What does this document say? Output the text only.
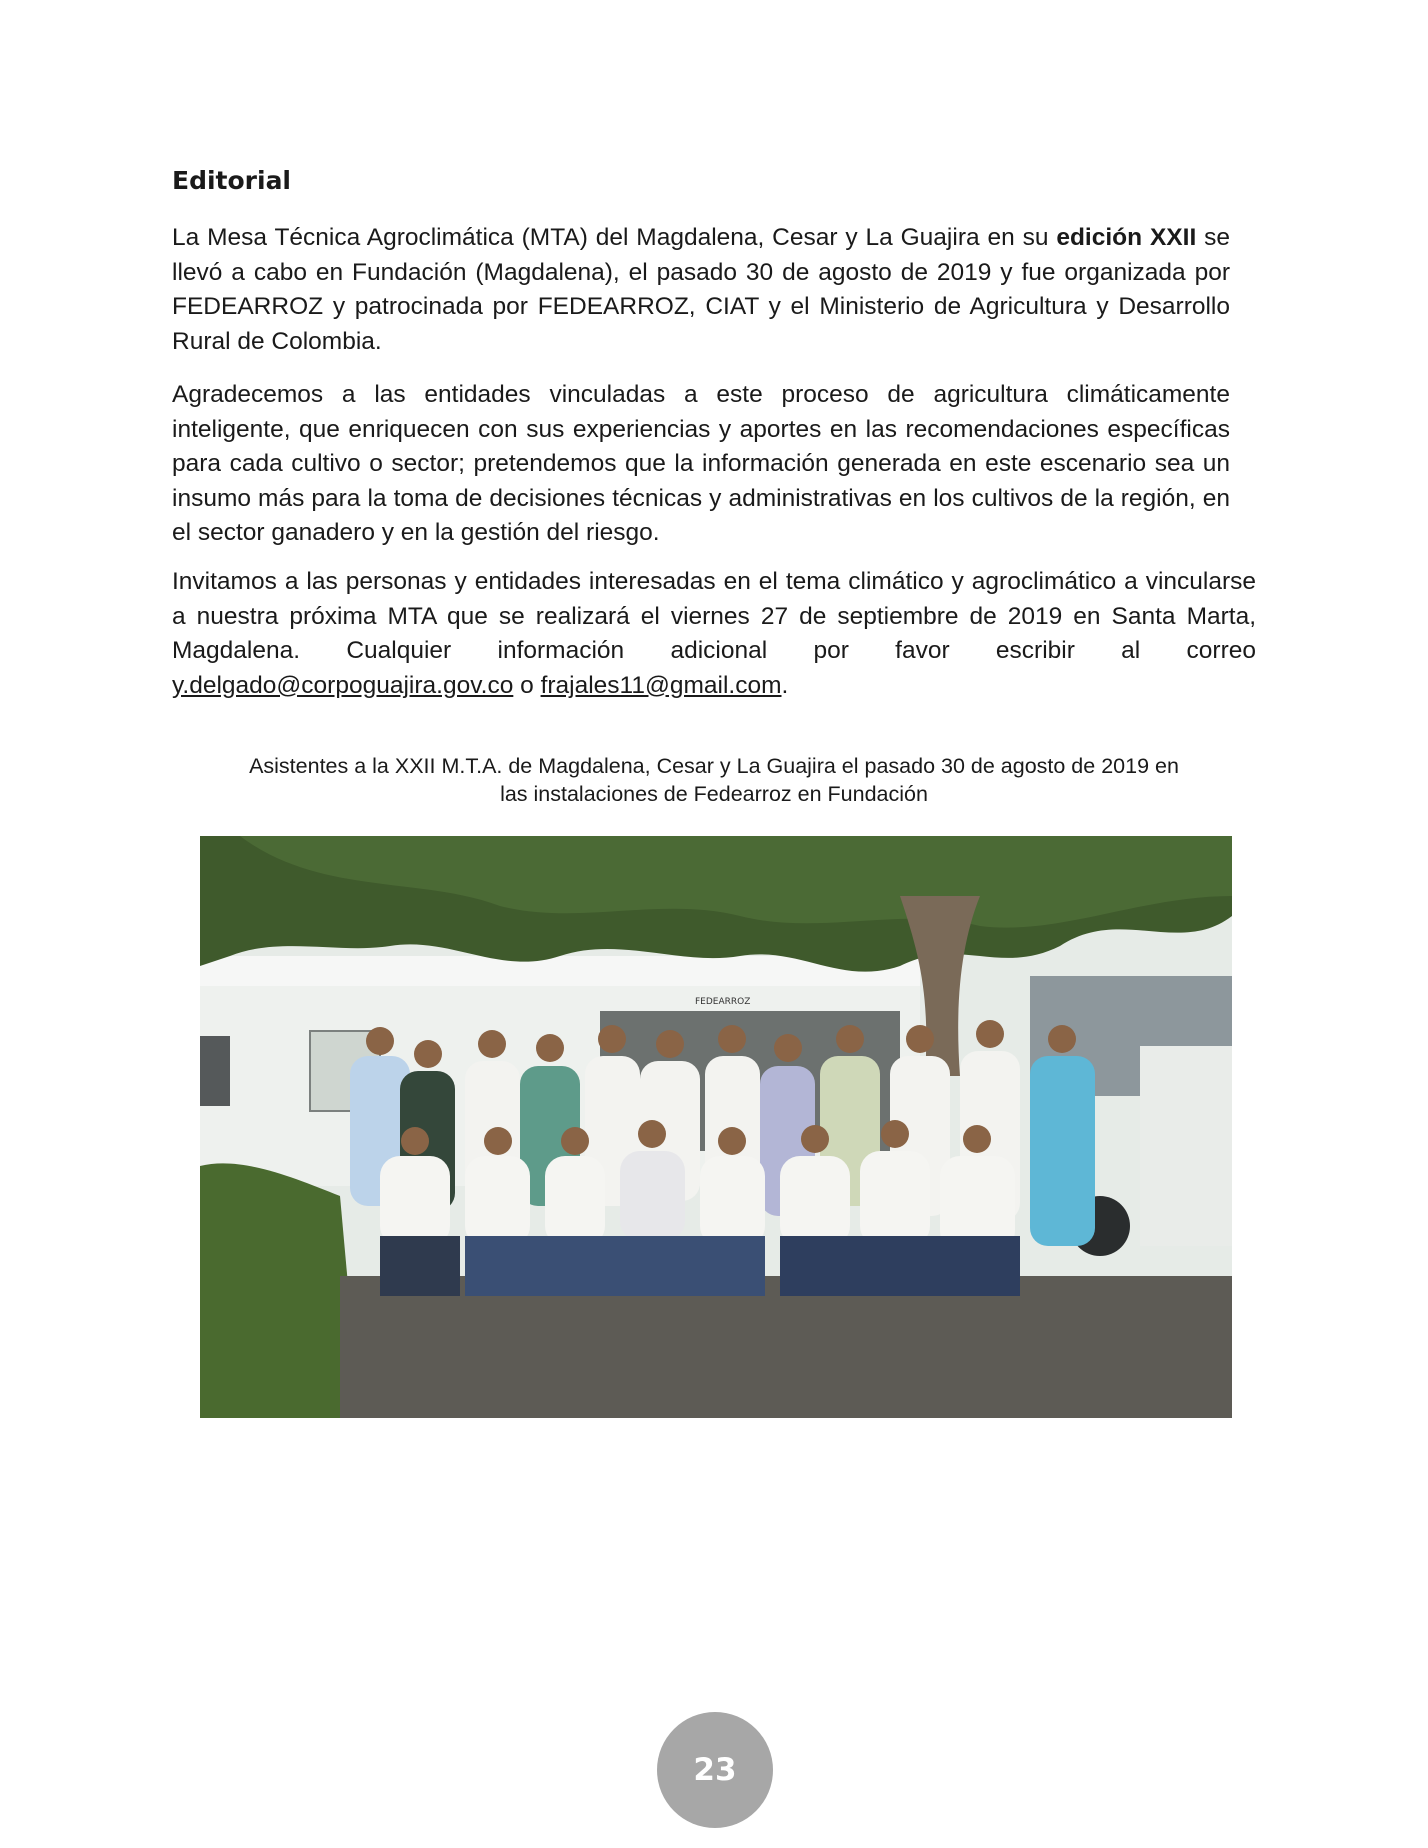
Editorial

La Mesa Técnica Agroclimática (MTA) del Magdalena, Cesar y La Guajira en su edición XXII se llevó a cabo en Fundación (Magdalena), el pasado 30 de agosto de 2019 y fue organizada por FEDEARROZ y patrocinada por FEDEARROZ, CIAT y el Ministerio de Agricultura y Desarrollo Rural de Colombia.

Agradecemos a las entidades vinculadas a este proceso de agricultura climáticamente inteligente, que enriquecen con sus experiencias y aportes en las recomendaciones específicas para cada cultivo o sector; pretendemos que la información generada en este escenario sea un insumo más para la toma de decisiones técnicas y administrativas en los cultivos de la región, en el sector ganadero y en la gestión del riesgo.

Invitamos a las personas y entidades interesadas en el tema climático y agroclimático a vincularse a nuestra próxima MTA que se realizará el viernes 27 de septiembre de 2019 en Santa Marta, Magdalena. Cualquier información adicional por favor escribir al correo y.delgado@corpoguajira.gov.co o frajales11@gmail.com.

Asistentes a la XXII M.T.A. de Magdalena, Cesar y La Guajira el pasado 30 de agosto de 2019 en
las instalaciones de Fedearroz en Fundación
FEDEARROZ
23
